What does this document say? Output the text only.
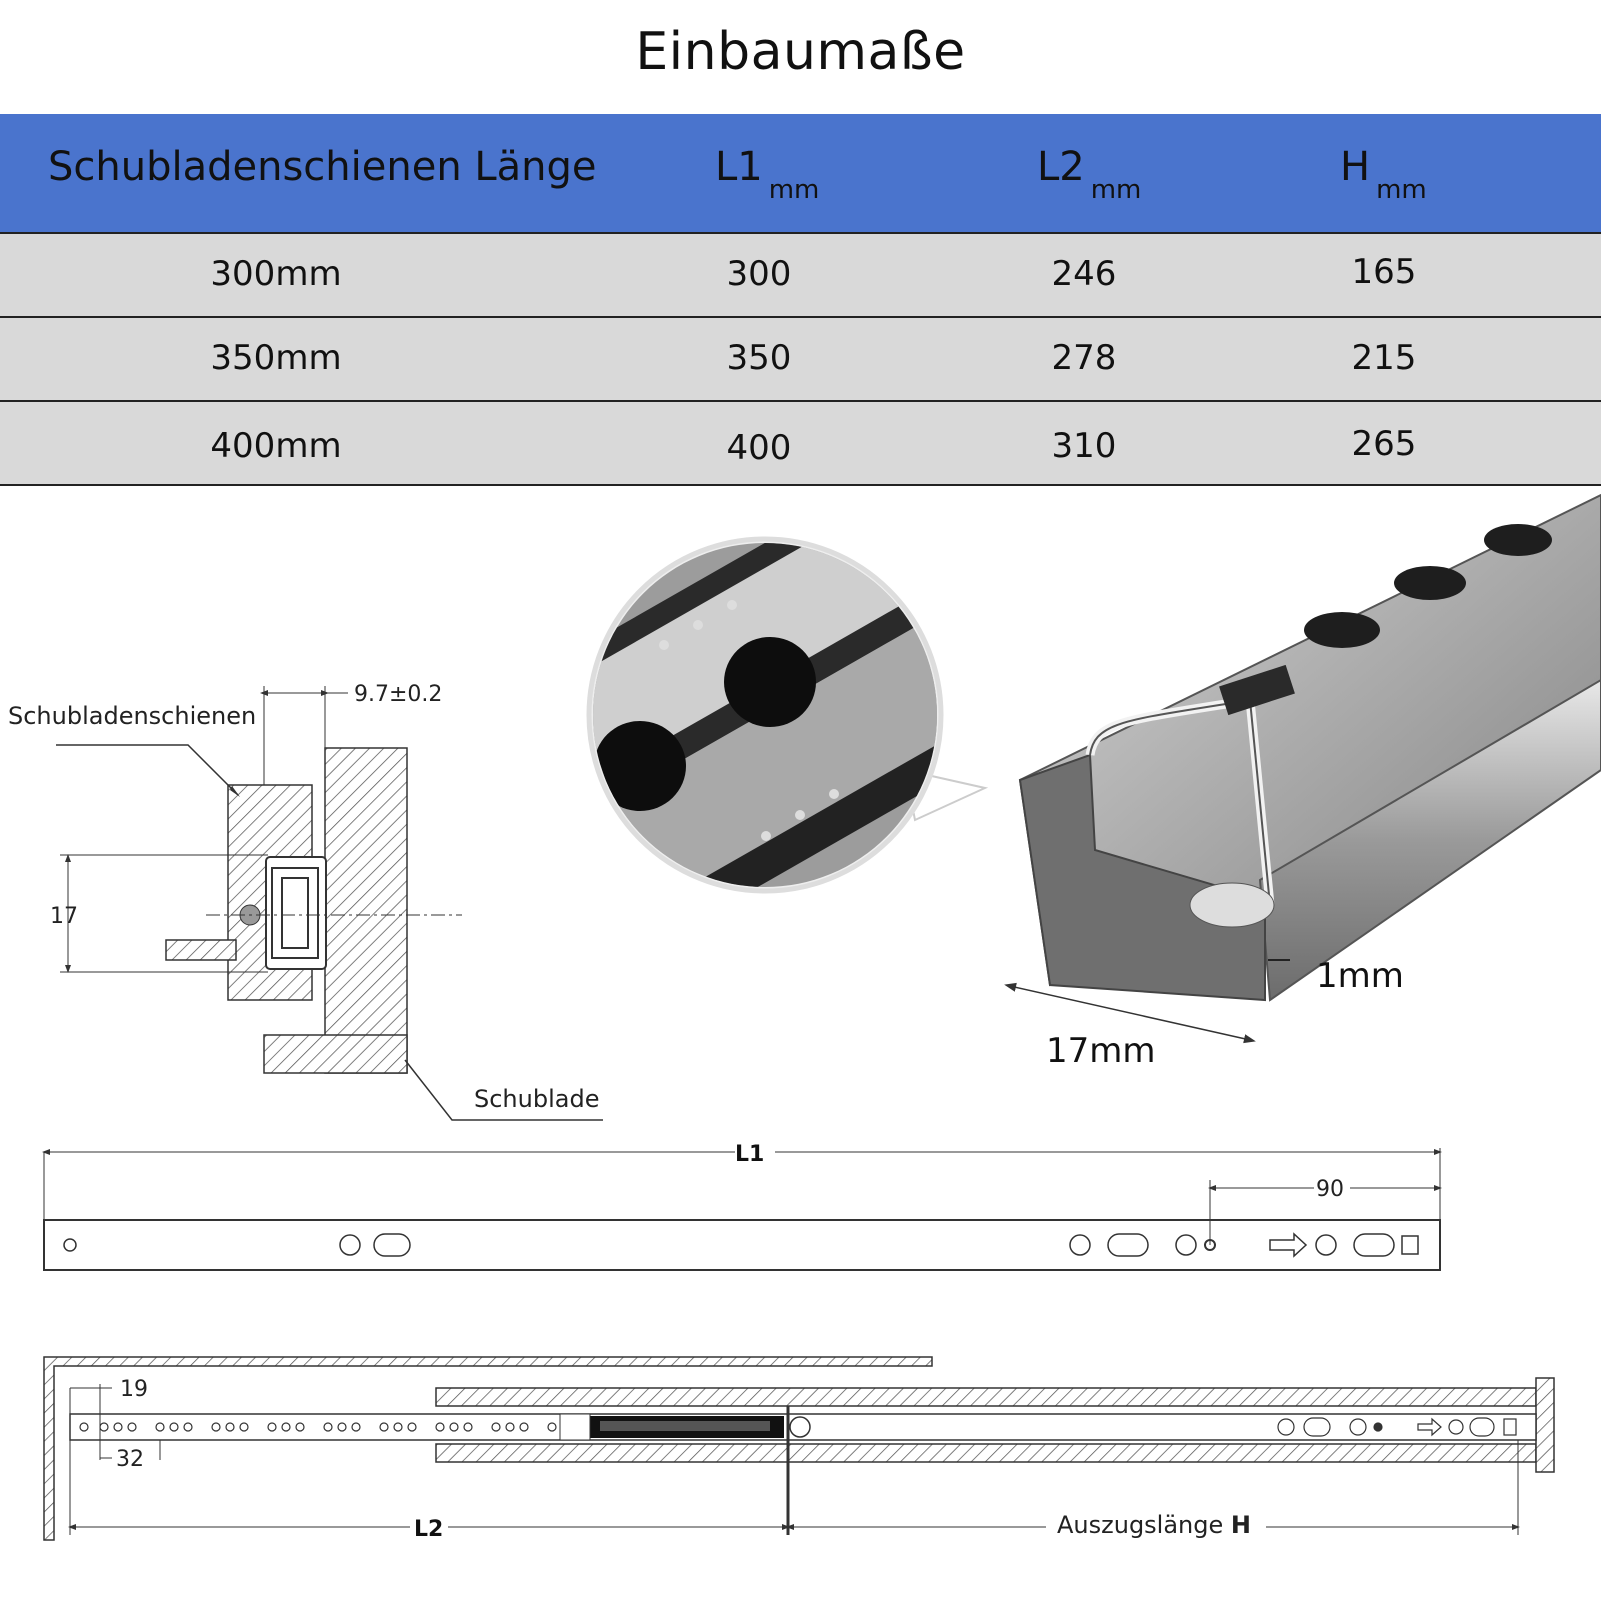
Einbaumaße
Schubladenschienen Länge	L1 $_{mm}$	L2 $_{mm}$	H $_{mm}$
300mm	300	246	165
350mm	350	278	215
400mm	400	310	265
9.7±0.2
17
Schubladenschienen
Schublade
1mm
17mm
L1
90
19
32
L2	Auszugslänge H
